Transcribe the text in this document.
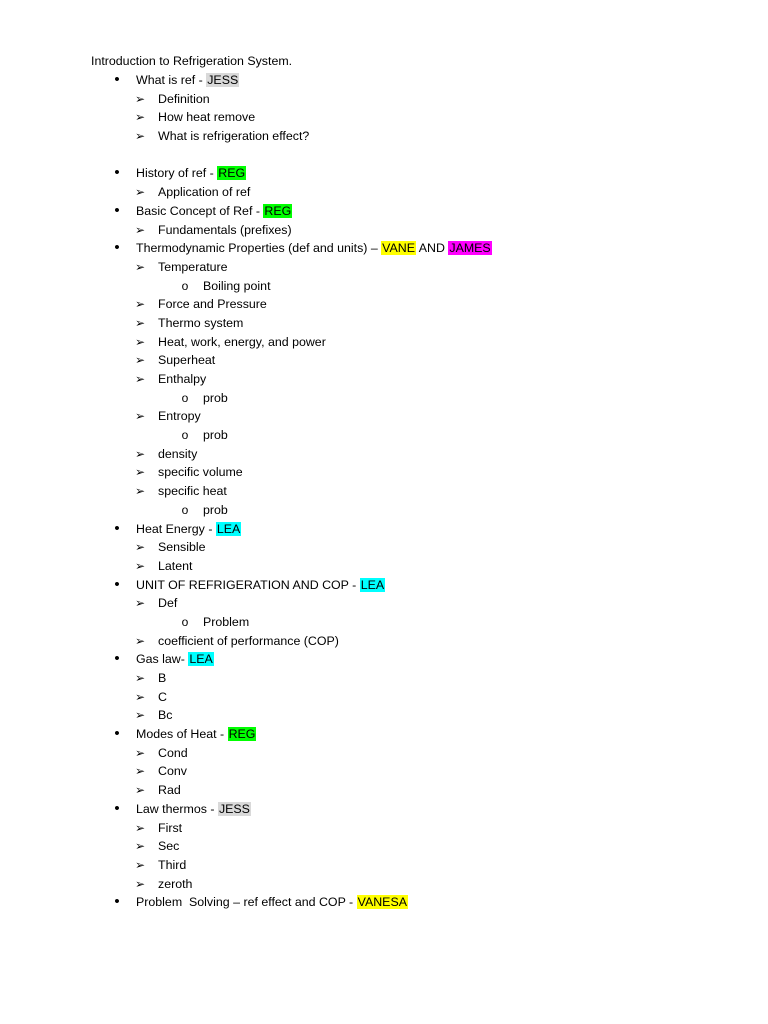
Introduction to Refrigeration System.
•	What is ref - JESS
➢ Definition
➢ How heat remove
➢ What is refrigeration effect?
•	History of ref - REG
➢ Application of ref
•	Basic Concept of Ref - REG
➢ Fundamentals (prefixes)
•	Thermodynamic Properties (def and units) – VANE AND JAMES
➢ Temperature
o Boiling point
➢ Force and Pressure
➢ Thermo system
➢ Heat, work, energy, and power
➢ Superheat
➢ Enthalpy
o prob
➢ Entropy
o prob
➢ density
➢ specific volume
➢ specific heat
o prob
•	Heat Energy - LEA
➢ Sensible
➢ Latent
•	UNIT OF REFRIGERATION AND COP - LEA
➢ Def
o Problem
➢ coefficient of performance (COP)
•	Gas law- LEA
➢ B
➢ C
➢ Bc
•	Modes of Heat - REG
➢ Cond
➢ Conv
➢ Rad
•	Law thermos - JESS
➢ First
➢ Sec
➢ Third
➢ zeroth
•	Problem  Solving – ref effect and COP - VANESA
